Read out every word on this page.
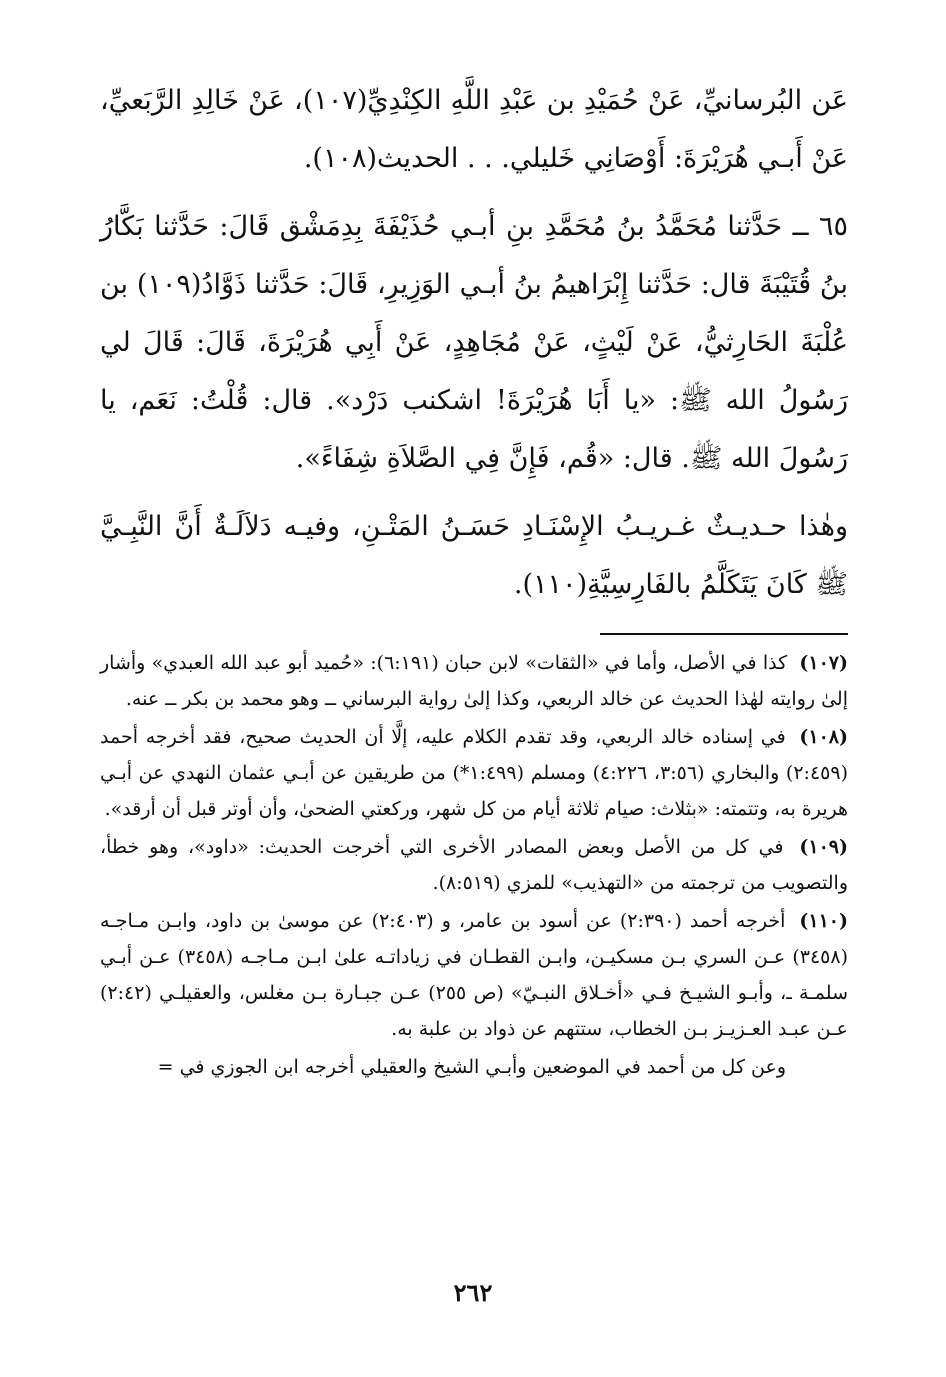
عَن البُرسانيِّ، عَنْ حُمَيْدِ بن عَبْدِ اللَّهِ الكِنْدِيِّ(١٠٧)، عَنْ خَالِدِ الرَّبَعيِّ، عَنْ أَبـي هُرَيْرَةَ: أَوْصَانِي خَليلي. . . الحديث(١٠٨).

٦٥ ــ حَدَّثنا مُحَمَّدُ بنُ مُحَمَّدِ بنِ أبـي حُذَيْفَةَ بِدِمَشْق قَالَ: حَدَّثنا بَكَّارُ بنُ قُتَيْبَةَ قال: حَدَّثنا إِبْرَاهيمُ بنُ أبـي الوَزِيرِ، قَالَ: حَدَّثنا ذَوَّادُ(١٠٩) بن عُلْبَةَ الحَارِثيُّ، عَنْ لَيْثٍ، عَنْ مُجَاهِدٍ، عَنْ أَبِي هُرَيْرَةَ، قَالَ: قَالَ لي رَسُولُ الله ﷺ: «يا أَبَا هُرَيْرَةَ! اشكنب دَرْد». قال: قُلْتُ: نَعَم، يا رَسُولَ الله ﷺ. قال: «قُم، فَإِنَّ فِي الصَّلاَةِ شِفَاءً».

وهٰذا حـديـثٌ غـريـبُ الإِسْنَـادِ حَسَـنُ المَتْـنِ، وفيـه دَلاَلَـةٌ أَنَّ النَّبِـيَّ ﷺ كَانَ يَتَكَلَّمُ بالفَارِسِيَّةِ(١١٠).

(١٠٧) كذا في الأصل، وأما في «الثقات» لابن حبان (٦:١٩١): «حُميد أبو عبد الله العبدي» وأشار إلىٰ روايته لهٰذا الحديث عن خالد الربعي، وكذا إلىٰ رواية البرساني ــ وهو محمد بن بكر ــ عنه.

(١٠٨) في إسناده خالد الربعي، وقد تقدم الكلام عليه، إلَّا أن الحديث صحيح، فقد أخرجه أحمد (٢:٤٥٩) والبخاري (٣:٥٦، ٤:٢٢٦) ومسلم (١:٤٩٩*) من طريقين عن أبـي عثمان النهدي عن أبـي هريرة به، وتتمته: «بثلاث: صيام ثلاثة أيام من كل شهر، وركعتي الضحىٰ، وأن أوتر قبل أن أرقد».

(١٠٩) في كل من الأصل وبعض المصادر الأخرى التي أخرجت الحديث: «داود»، وهو خطأ، والتصويب من ترجمته من «التهذيب» للمزي (٨:٥١٩).

(١١٠) أخرجه أحمد (٢:٣٩٠) عن أسود بن عامر، و (٢:٤٠٣) عن موسىٰ بن داود، وابـن مـاجـه (٣٤٥٨) عـن السري بـن مسكيـن، وابـن القطـان في زياداتـه علىٰ ابـن مـاجـه (٣٤٥٨) عـن أبـي سلمـة ـ، وأبـو الشيـخ فـي «أخـلاق النبـيّ» (ص ٢٥٥) عـن جبـارة بـن مغلس، والعقيلـي (٢:٤٢) عـن عبـد العـزيـز بـن الخطاب، ستتهم عن ذواد بن علبة به.

وعن كل من أحمد في الموضعين وأبـي الشيخ والعقيلي أخرجه ابن الجوزي في =

٢٦٢
